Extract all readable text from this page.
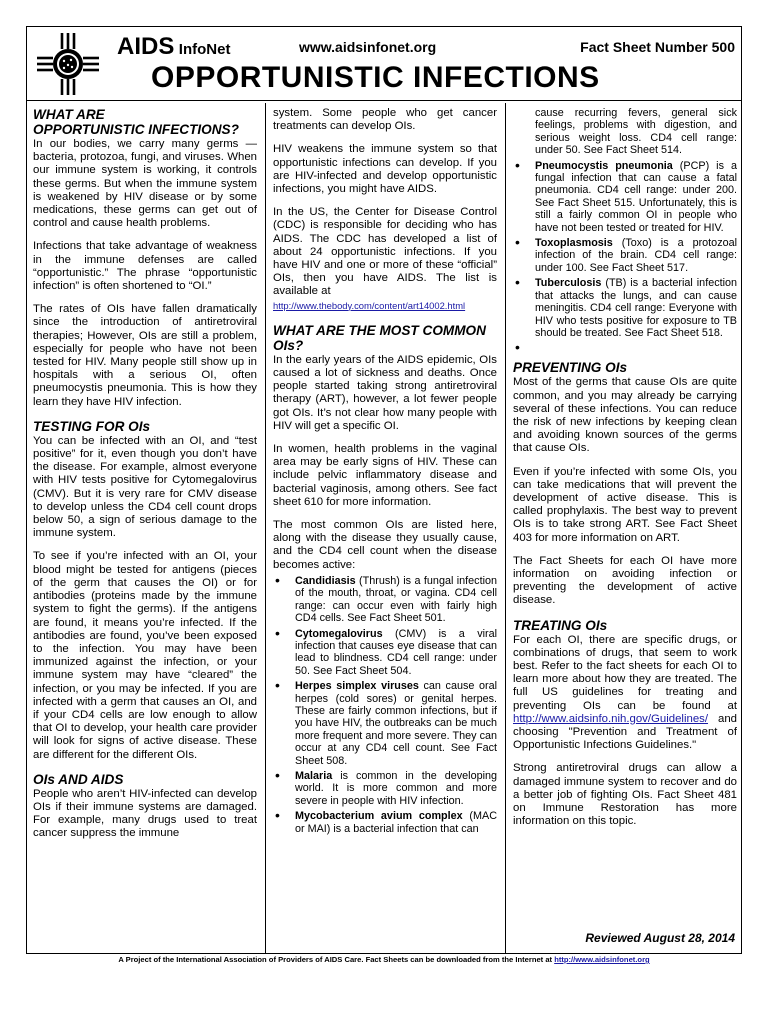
AIDS InfoNet	www.aidsinfonet.org	Fact Sheet Number 500
OPPORTUNISTIC INFECTIONS
WHAT ARE
OPPORTUNISTIC INFECTIONS?

In our bodies, we carry many germs — bacteria, protozoa, fungi, and viruses. When our immune system is working, it controls these germs. But when the immune system is weakened by HIV disease or by some medications, these germs can get out of control and cause health problems.

Infections that take advantage of weakness in the immune defenses are called “opportunistic.” The phrase “opportunistic infection” is often shortened to “OI.”

The rates of OIs have fallen dramatically since the introduction of antiretroviral therapies; However, OIs are still a problem, especially for people who have not been tested for HIV. Many people still show up in hospitals with a serious OI, often pneumocystis pneumonia. This is how they learn they have HIV infection.

TESTING FOR OIs

You can be infected with an OI, and “test positive” for it, even though you don’t have the disease. For example, almost everyone with HIV tests positive for Cytomegalovirus (CMV). But it is very rare for CMV disease to develop unless the CD4 cell count drops below 50, a sign of serious damage to the immune system.

To see if you’re infected with an OI, your blood might be tested for antigens (pieces of the germ that causes the OI) or for antibodies (proteins made by the immune system to fight the germs). If the antigens are found, it means you’re infected. If the antibodies are found, you’ve been exposed to the infection. You may have been immunized against the infection, or your immune system may have “cleared” the infection, or you may be infected. If you are infected with a germ that causes an OI, and if your CD4 cells are low enough to allow that OI to develop, your health care provider will look for signs of active disease. These are different for the different OIs.

OIs AND AIDS

People who aren’t HIV-infected can develop OIs if their immune systems are damaged. For example, many drugs used to treat cancer suppress the immune

system. Some people who get cancer treatments can develop OIs.

HIV weakens the immune system so that opportunistic infections can develop. If you are HIV-infected and develop opportunistic infections, you might have AIDS.

In the US, the Center for Disease Control (CDC) is responsible for deciding who has AIDS. The CDC has developed a list of about 24 opportunistic infections. If you have HIV and one or more of these “official” OIs, then you have AIDS. The list is available at
http://www.thebody.com/content/art14002.html

WHAT ARE THE MOST COMMON OIs?

In the early years of the AIDS epidemic, OIs caused a lot of sickness and deaths. Once people started taking strong antiretroviral therapy (ART), however, a lot fewer people got OIs. It’s not clear how many people with HIV will get a specific OI.

In women, health problems in the vaginal area may be early signs of HIV. These can include pelvic inflammatory disease and bacterial vaginosis, among others. See fact sheet 610 for more information.

The most common OIs are listed here, along with the disease they usually cause, and the CD4 cell count when the disease becomes active:

• Candidiasis (Thrush) is a fungal infection of the mouth, throat, or vagina. CD4 cell range: can occur even with fairly high CD4 cells. See Fact Sheet 501.
• Cytomegalovirus (CMV) is a viral infection that causes eye disease that can lead to blindness. CD4 cell range: under 50. See Fact Sheet 504.
• Herpes simplex viruses can cause oral herpes (cold sores) or genital herpes. These are fairly common infections, but if you have HIV, the outbreaks can be much more frequent and more severe. They can occur at any CD4 cell count. See Fact Sheet 508.
• Malaria is common in the developing world. It is more common and more severe in people with HIV infection.
• Mycobacterium avium complex (MAC or MAI) is a bacterial infection that can

cause recurring fevers, general sick feelings, problems with digestion, and serious weight loss. CD4 cell range: under 50. See Fact Sheet 514.

• Pneumocystis pneumonia (PCP) is a fungal infection that can cause a fatal pneumonia. CD4 cell range: under 200. See Fact Sheet 515. Unfortunately, this is still a fairly common OI in people who have not been tested or treated for HIV.
• Toxoplasmosis (Toxo) is a protozoal infection of the brain. CD4 cell range: under 100. See Fact Sheet 517.
• Tuberculosis (TB) is a bacterial infection that attacks the lungs, and can cause meningitis. CD4 cell range: Everyone with HIV who tests positive for exposure to TB should be treated. See Fact Sheet 518.
•
PREVENTING OIs

Most of the germs that cause OIs are quite common, and you may already be carrying several of these infections. You can reduce the risk of new infections by keeping clean and avoiding known sources of the germs that cause OIs.

Even if you’re infected with some OIs, you can take medications that will prevent the development of active disease. This is called prophylaxis. The best way to prevent OIs is to take strong ART. See Fact Sheet 403 for more information on ART.

The Fact Sheets for each OI have more information on avoiding infection or preventing the development of active disease.

TREATING OIs

For each OI, there are specific drugs, or combinations of drugs, that seem to work best. Refer to the fact sheets for each OI to learn more about how they are treated. The full US guidelines for treating and preventing OIs can be found at http://www.aidsinfo.nih.gov/Guidelines/ and choosing "Prevention and Treatment of Opportunistic Infections Guidelines."

Strong antiretroviral drugs can allow a damaged immune system to recover and do a better job of fighting OIs. Fact Sheet 481 on Immune Restoration has more information on this topic.

Reviewed August 28, 2014
A Project of the International Association of Providers of AIDS Care. Fact Sheets can be downloaded from the Internet at http://www.aidsinfonet.org
